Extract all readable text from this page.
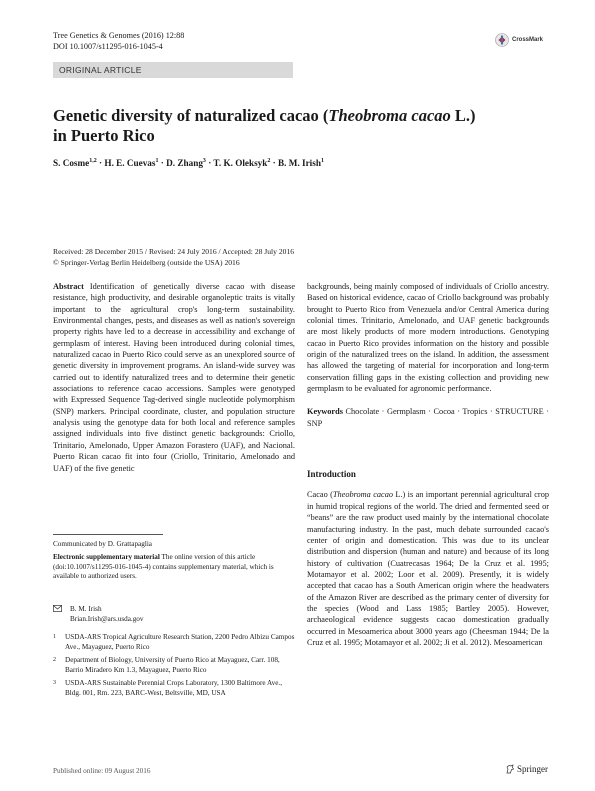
Tree Genetics & Genomes (2016) 12:88
DOI 10.1007/s11295-016-1045-4
CrossMark
ORIGINAL ARTICLE
Genetic diversity of naturalized cacao (Theobroma cacao L.)
in Puerto Rico
S. Cosme$^{1,2}$ · H. E. Cuevas$^1$ · D. Zhang$^3$ · T. K. Oleksyk$^2$ · B. M. Irish$^1$
Received: 28 December 2015 / Revised: 24 July 2016 / Accepted: 28 July 2016
© Springer-Verlag Berlin Heidelberg (outside the USA) 2016
Abstract Identification of genetically diverse cacao with disease resistance, high productivity, and desirable organoleptic traits is vitally important to the agricultural crop's long-term sustainability. Environmental changes, pests, and diseases as well as nation's sovereign property rights have led to a decrease in accessibility and exchange of germplasm of interest. Having been introduced during colonial times, naturalized cacao in Puerto Rico could serve as an unexplored source of genetic diversity in improvement programs. An island-wide survey was carried out to identify naturalized trees and to determine their genetic associations to reference cacao accessions. Samples were genotyped with Expressed Sequence Tag-derived single nucleotide polymorphism (SNP) markers. Principal coordinate, cluster, and population structure analysis using the genotype data for both local and reference samples assigned individuals into five distinct genetic backgrounds: Criollo, Trinitario, Amelonado, Upper Amazon Forastero (UAF), and Nacional. Puerto Rican cacao fit into four (Criollo, Trinitario, Amelonado and UAF) of the five genetic
backgrounds, being mainly composed of individuals of Criollo ancestry. Based on historical evidence, cacao of Criollo background was probably brought to Puerto Rico from Venezuela and/or Central America during colonial times. Trinitario, Amelonado, and UAF genetic backgrounds are most likely products of more modern introductions. Genotyping cacao in Puerto Rico provides information on the history and possible origin of the naturalized trees on the island. In addition, the assessment has allowed the targeting of material for incorporation and long-term conservation filling gaps in the existing collection and providing new germplasm to be evaluated for agronomic performance.
Keywords Chocolate · Germplasm · Cocoa · Tropics · STRUCTURE · SNP
Introduction
Cacao (Theobroma cacao L.) is an important perennial agricultural crop in humid tropical regions of the world. The dried and fermented seed or “beans” are the raw product used mainly by the international chocolate manufacturing industry. In the past, much debate surrounded cacao's center of origin and domestication. This was due to its unclear distribution and dispersion (human and nature) and because of its long history of cultivation (Cuatrecasas 1964; De la Cruz et al. 1995; Motamayor et al. 2002; Loor et al. 2009). Presently, it is widely accepted that cacao has a South American origin where the headwaters of the Amazon River are described as the primary center of diversity for the species (Wood and Lass 1985; Bartley 2005). However, archaeological evidence suggests cacao domestication gradually occurred in Mesoamerica about 3000 years ago (Cheesman 1944; De la Cruz et al. 1995; Motamayor et al. 2002; Ji et al. 2012). Mesoamerican
Communicated by D. Grattapaglia
Electronic supplementary material The online version of this article (doi:10.1007/s11295-016-1045-4) contains supplementary material, which is available to authorized users.
B. M. Irish
Brian.Irish@ars.usda.gov
1	USDA-ARS Tropical Agriculture Research Station, 2200 Pedro Albizu Campos Ave., Mayaguez, Puerto Rico
2	Department of Biology, University of Puerto Rico at Mayaguez, Carr. 108, Barrio Miradero Km 1.3, Mayaguez, Puerto Rico
3	USDA-ARS Sustainable Perennial Crops Laboratory, 1300 Baltimore Ave., Bldg. 001, Rm. 223, BARC-West, Beltsville, MD, USA
Published online: 09 August 2016	Springer
